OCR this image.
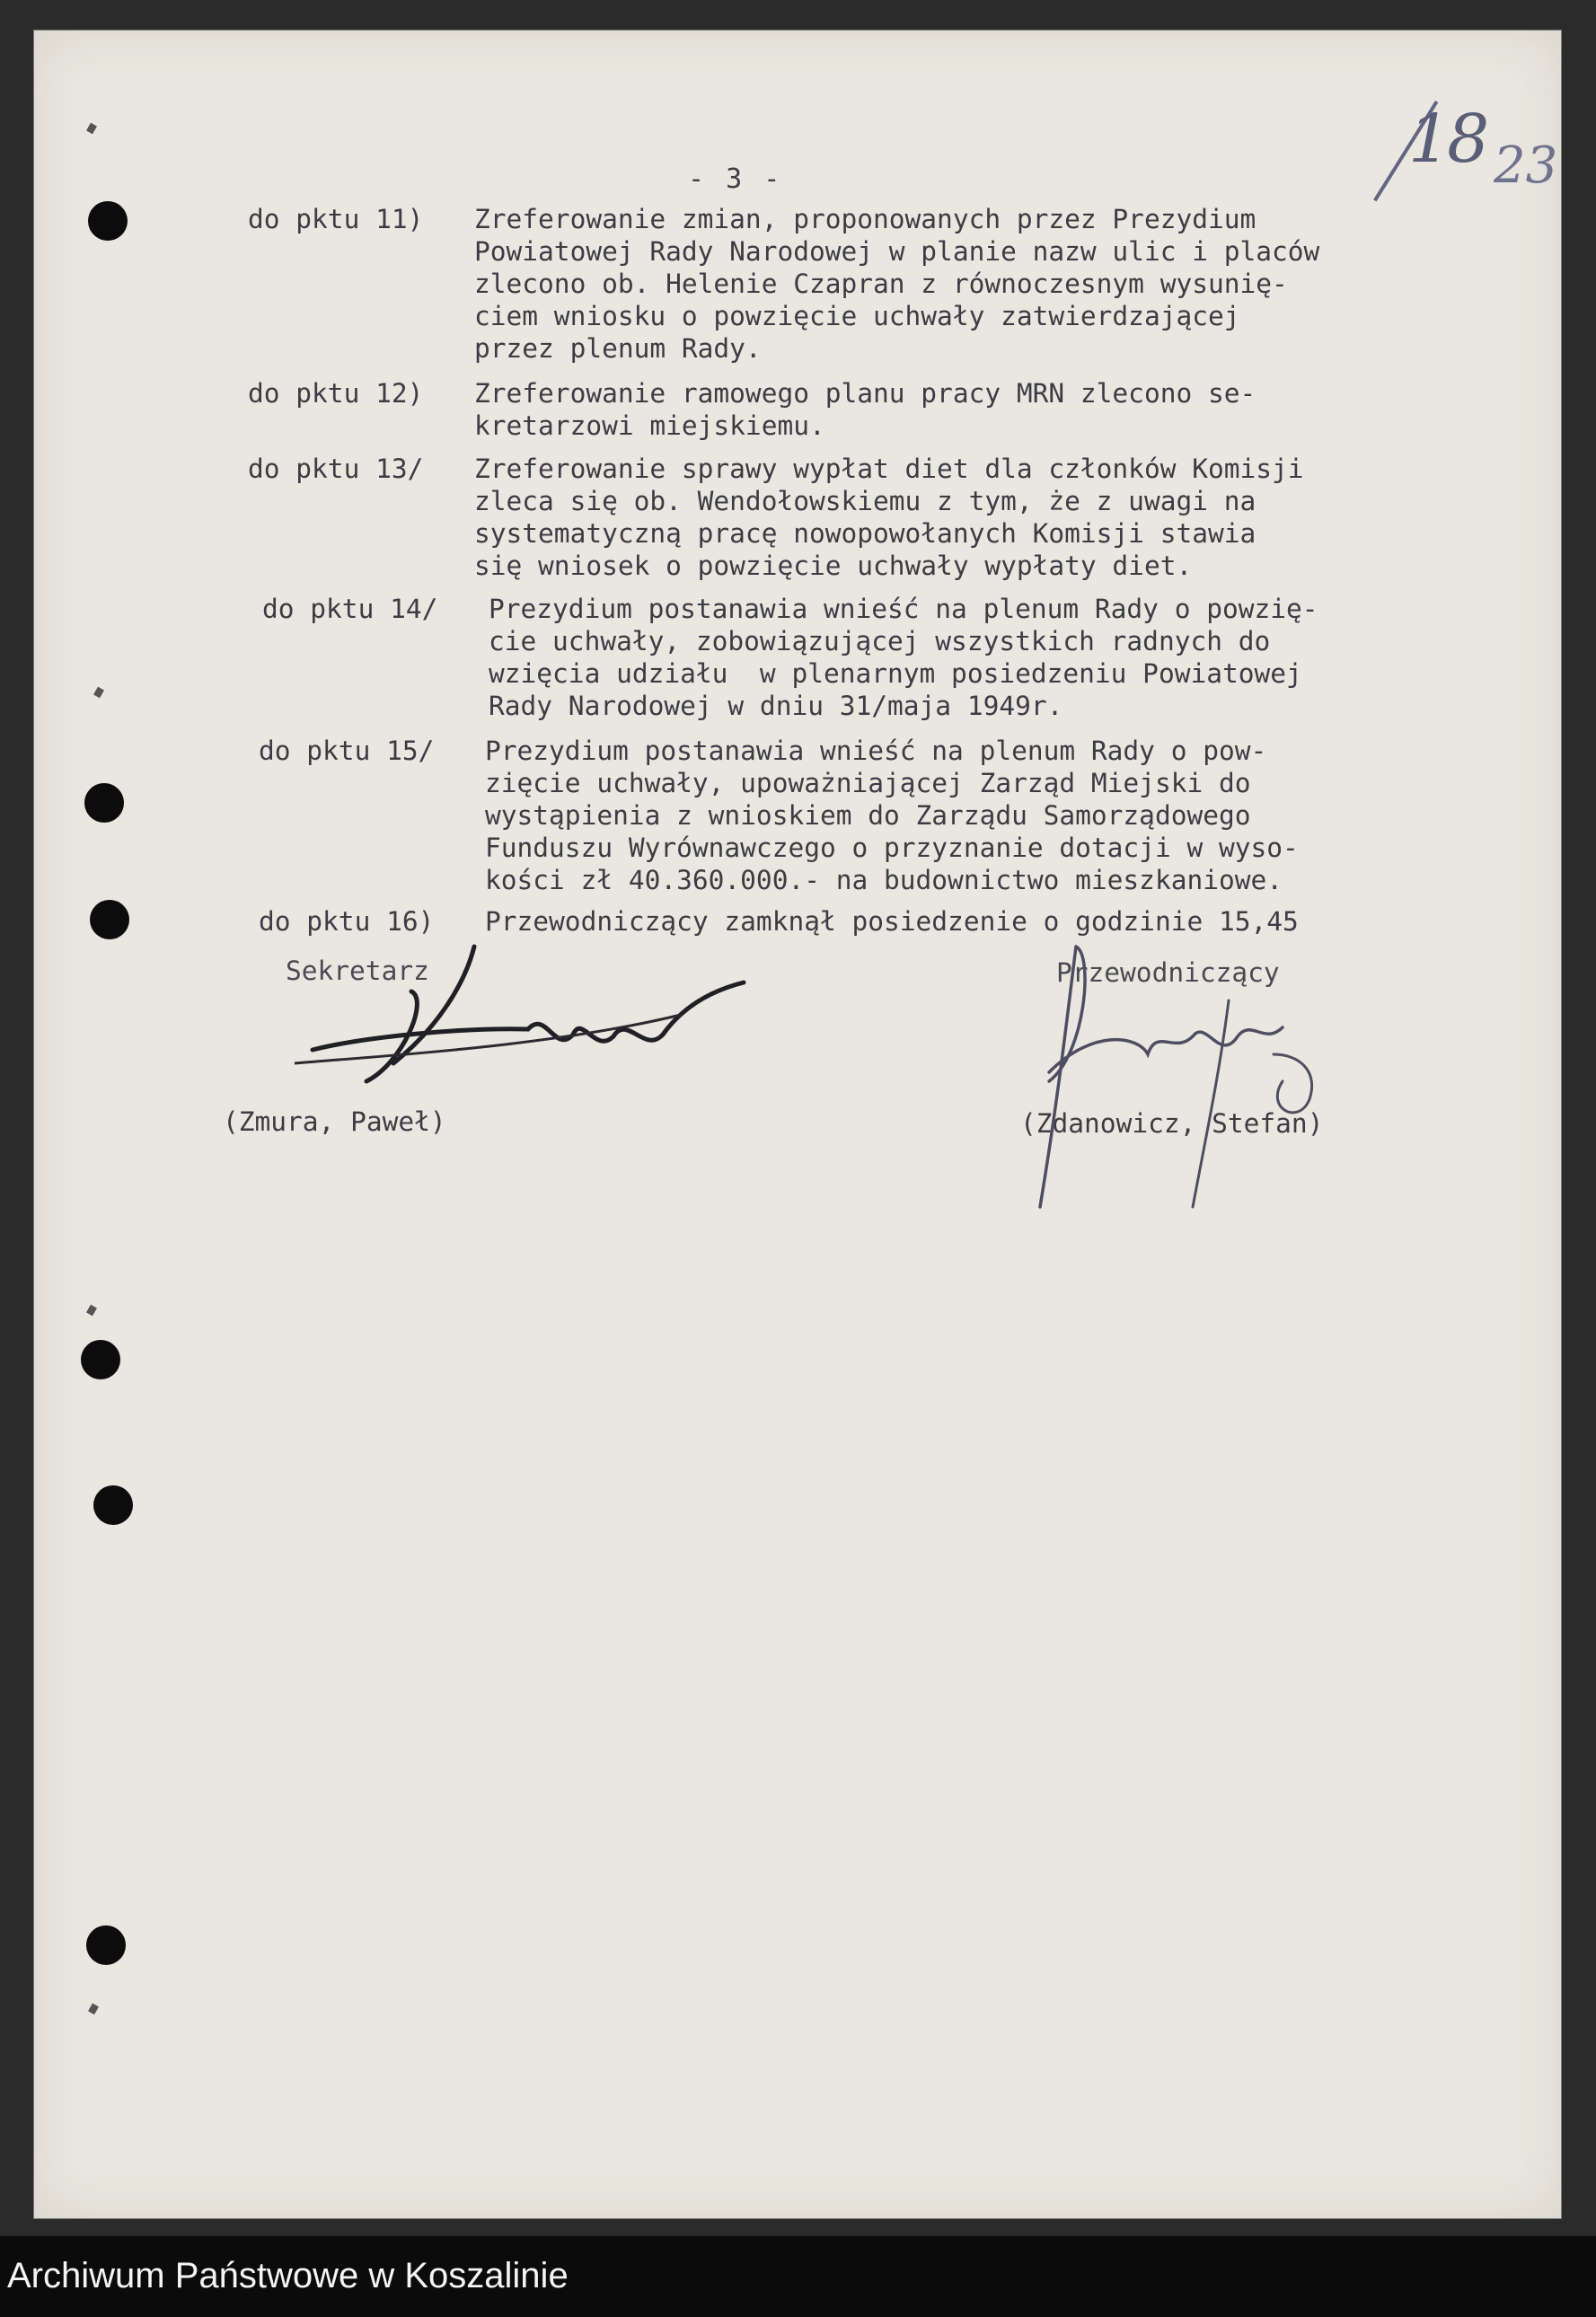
18 23
- 3 -
do pktu 11) Zreferowanie zmian, proponowanych przez Prezydium
Powiatowej Rady Narodowej w planie nazw ulic i placów
zlecono ob. Helenie Czapran z równoczesnym wysunię-
ciem wniosku o powzięcie uchwały zatwierdzającej
przez plenum Rady.
do pktu 12) Zreferowanie ramowego planu pracy MRN zlecono se-
kretarzowi miejskiemu.
do pktu 13/ Zreferowanie sprawy wypłat diet dla członków Komisji
zleca się ob. Wendołowskiemu z tym, że z uwagi na
systematyczną pracę nowopowołanych Komisji stawia
się wniosek o powzięcie uchwały wypłaty diet.
do pktu 14/ Prezydium postanawia wnieść na plenum Rady o powzię-
cie uchwały, zobowiązującej wszystkich radnych do
wzięcia udziału  w plenarnym posiedzeniu Powiatowej
Rady Narodowej w dniu 31/maja 1949r.
do pktu 15/ Prezydium postanawia wnieść na plenum Rady o pow-
zięcie uchwały, upoważniającej Zarząd Miejski do
wystąpienia z wnioskiem do Zarządu Samorządowego
Funduszu Wyrównawczego o przyznanie dotacji w wyso-
kości zł 40.360.000.- na budownictwo mieszkaniowe.
do pktu 16) Przewodniczący zamknął posiedzenie o godzinie 15,45
Sekretarz
(Zmura, Paweł)
Przewodniczący
(Zdanowicz, Stefan)
Archiwum Państwowe w Koszalinie
